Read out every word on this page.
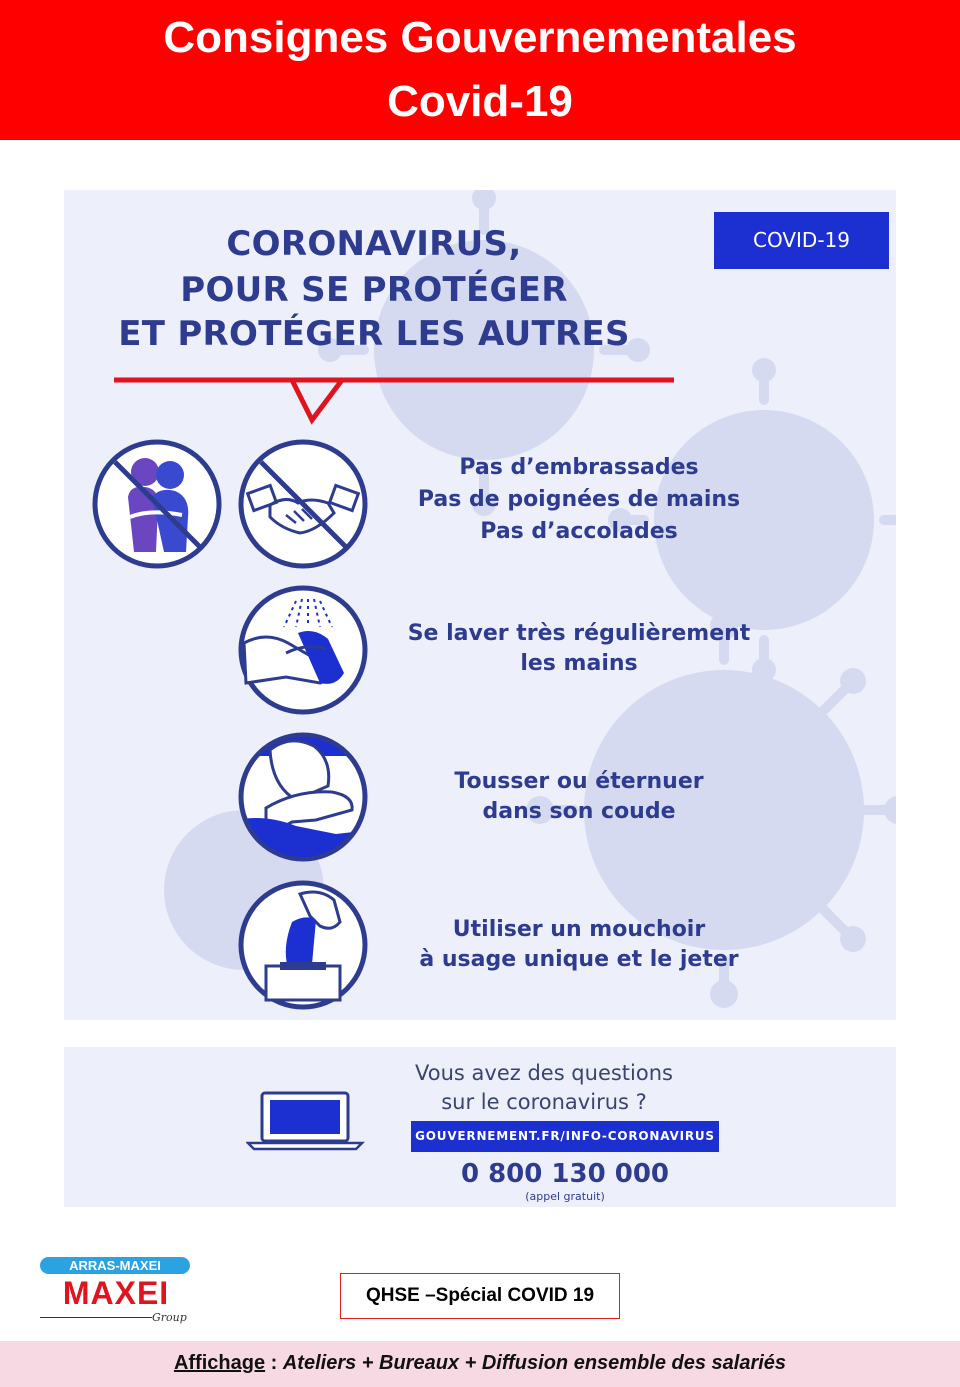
Consignes Gouvernementales
Covid-19
CORONAVIRUS,
POUR SE PROTÉGER
ET PROTÉGER LES AUTRES
COVID-19
Pas d’embrassades
Pas de poignées de mains
Pas d’accolades
Se laver très régulièrement
les mains
Tousser ou éternuer
dans son coude
Utiliser un mouchoir
à usage unique et le jeter
Vous avez des questions
sur le coronavirus ?
GOUVERNEMENT.FR/INFO-CORONAVIRUS
0 800 130 000
(appel gratuit)
ARRAS-MAXEI
MAXEI
Group
QHSE –Spécial COVID 19
Affichage : Ateliers + Bureaux + Diffusion ensemble des salariés
